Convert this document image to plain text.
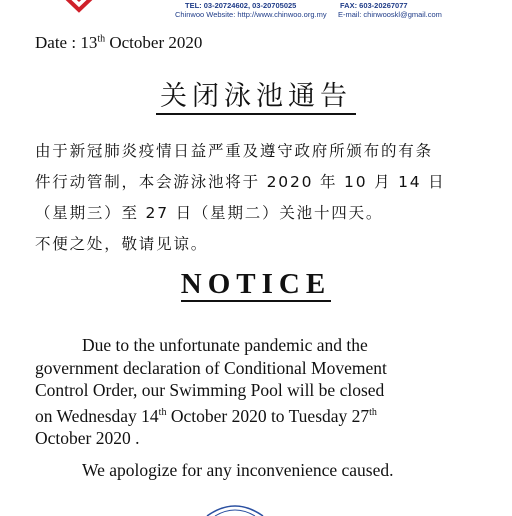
TEL: 03-20724602, 03-20705025
Chinwoo Website: http://www.chinwoo.org.my
FAX: 603-20267077
E-mail: chinwooskl@gmail.com
Date : 13th October 2020
关闭泳池通告
由于新冠肺炎疫情日益严重及遵守政府所颁布的有条
件行动管制，本会游泳池将于 2020 年 10 月 14 日
（星期三）至 27 日（星期二）关池十四天。
不便之处，敬请见谅。
NOTICE
Due to the unfortunate pandemic and the
government declaration of Conditional Movement
Control Order, our Swimming Pool will be closed
on Wednesday 14th October 2020 to Tuesday 27th
October 2020 .
We apologize for any inconvenience caused.
